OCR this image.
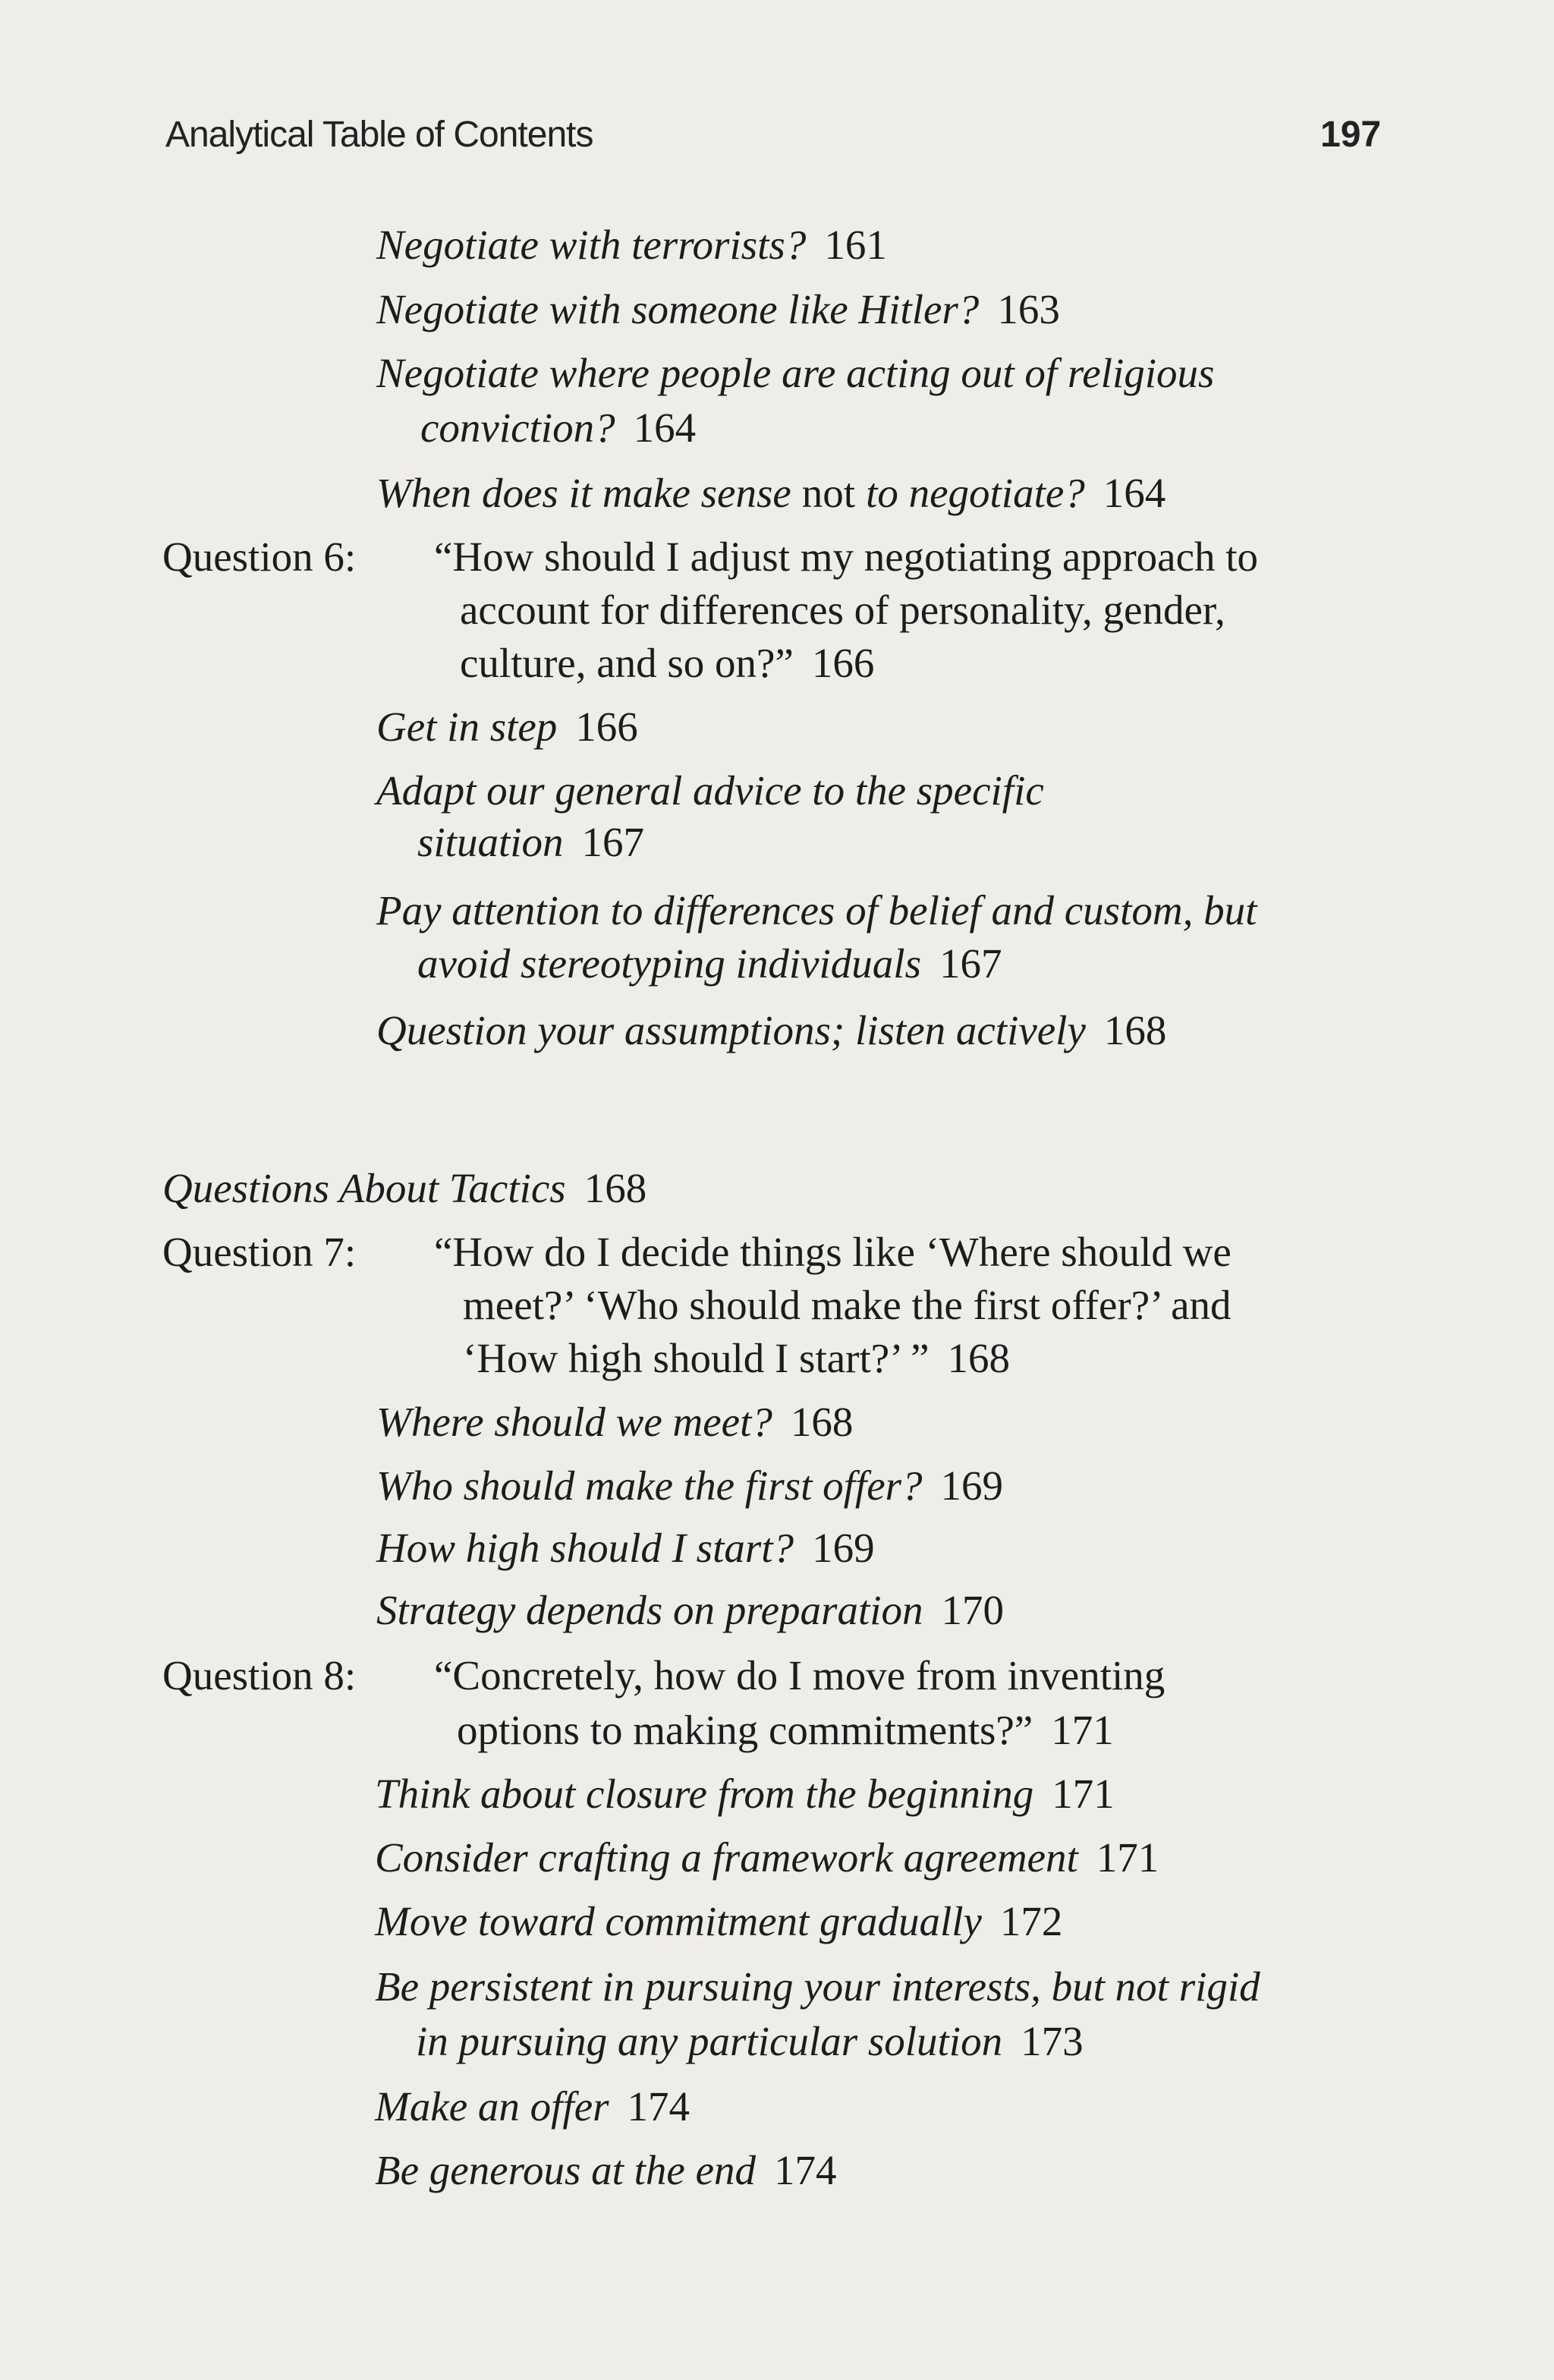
Analytical Table of Contents	197
Negotiate with terrorists? 161
Negotiate with someone like Hitler? 163
Negotiate where people are acting out of religious
conviction? 164
When does it make sense not to negotiate? 164
Question 6: “How should I adjust my negotiating approach to
account for differences of personality, gender,
culture, and so on?” 166
Get in step 166
Adapt our general advice to the specific
situation 167
Pay attention to differences of belief and custom, but
avoid stereotyping individuals 167
Question your assumptions; listen actively 168
Questions About Tactics 168
Question 7: “How do I decide things like ‘Where should we
meet?’ ‘Who should make the first offer?’ and
‘How high should I start?’ ” 168
Where should we meet? 168
Who should make the first offer? 169
How high should I start? 169
Strategy depends on preparation 170
Question 8: “Concretely, how do I move from inventing
options to making commitments?” 171
Think about closure from the beginning 171
Consider crafting a framework agreement 171
Move toward commitment gradually 172
Be persistent in pursuing your interests, but not rigid
in pursuing any particular solution 173
Make an offer 174
Be generous at the end 174
